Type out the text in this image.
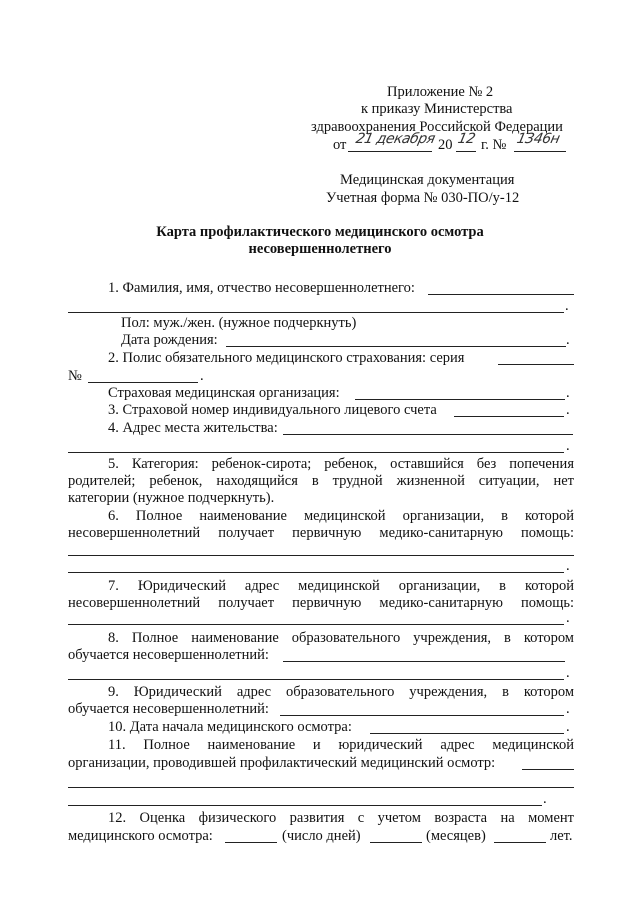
Приложение № 2
к приказу Министерства
здравоохранения Российской Федерации
от 21 декабря 20 12 г. № 1346н
Медицинская документация
Учетная форма № 030-ПО/у-12
Карта профилактического медицинского осмотра
несовершеннолетнего
1. Фамилия, имя, отчество несовершеннолетнего:
.
Пол: муж./жен. (нужное подчеркнуть)
Дата рождения:	.
2. Полис обязательного медицинского страхования: серия
№	.
Страховая медицинская организация:	.
3. Страховой номер индивидуального лицевого счета	.
4. Адрес места жительства:
.
5. Категория: ребенок-сирота; ребенок, оставшийся без попечения
родителей; ребенок, находящийся в трудной жизненной ситуации, нет
категории (нужное подчеркнуть).
6. Полное наименование медицинской организации, в которой
несовершеннолетний получает первичную медико-санитарную помощь:
.
7. Юридический адрес медицинской организации, в которой
несовершеннолетний получает первичную медико-санитарную помощь:
.
8. Полное наименование образовательного учреждения, в котором
обучается несовершеннолетний:
.
9. Юридический адрес образовательного учреждения, в котором
обучается несовершеннолетний:	.
10. Дата начала медицинского осмотра:	.
11. Полное наименование и юридический адрес медицинской
организации, проводившей профилактический медицинский осмотр:
.
12. Оценка физического развития с учетом возраста на момент
медицинского осмотра:	(число дней)	(месяцев)	лет.
